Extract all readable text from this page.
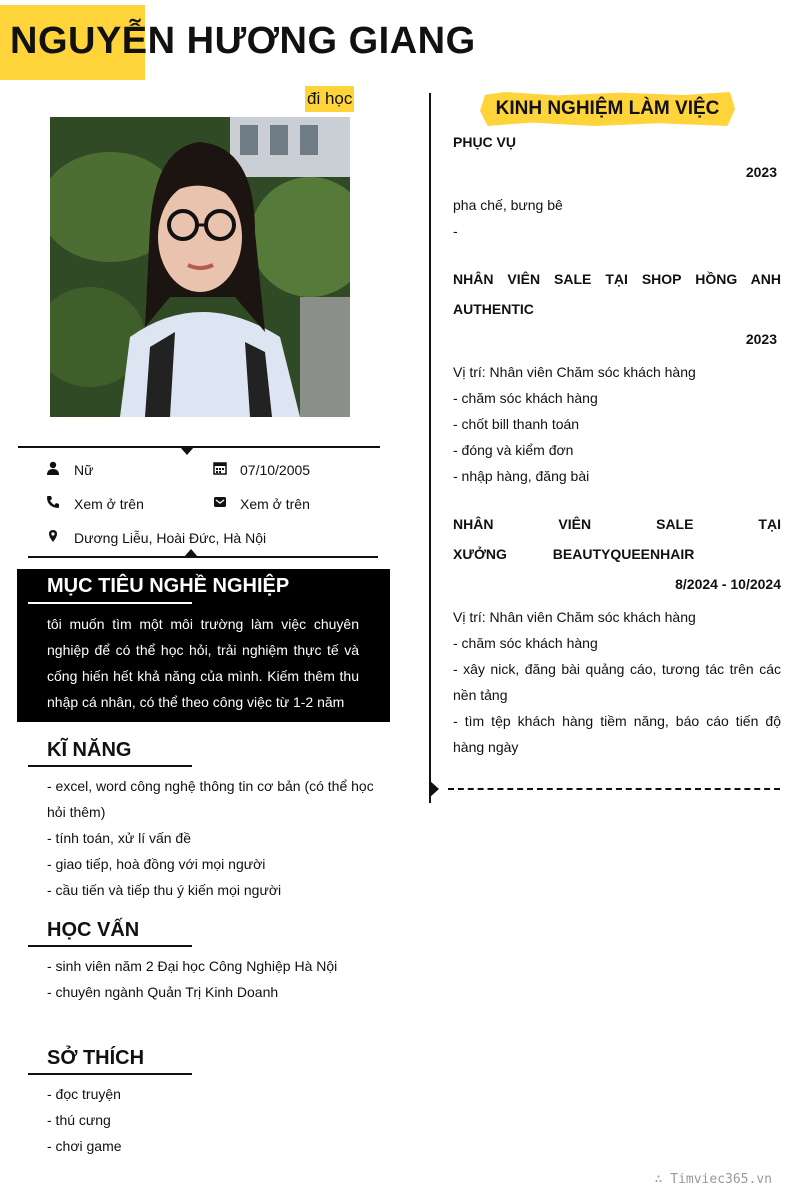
NGUYỄN HƯƠNG GIANG
đi học
Nữ	07/10/2005
Xem ở trên	Xem ở trên
Dương Liễu, Hoài Đức, Hà Nội
MỤC TIÊU NGHỀ NGHIỆP

tôi muốn tìm một môi trường làm việc chuyên nghiệp để có thể học hỏi, trải nghiệm thực tế và cống hiến hết khả năng của mình. Kiếm thêm thu nhập cá nhân, có thể theo công việc từ 1-2 năm

KĨ NĂNG
- excel, word công nghệ thông tin cơ bản (có thể học hỏi thêm)
- tính toán, xử lí vấn đề
- giao tiếp, hoà đồng với mọi người
- cầu tiến và tiếp thu ý kiến mọi người
HỌC VẤN
- sinh viên năm 2 Đại học Công Nghiệp Hà Nội
- chuyên ngành Quản Trị Kinh Doanh
SỞ THÍCH
- đọc truyện
- thú cưng
- chơi game
KINH NGHIỆM LÀM VIỆC
PHỤC VỤ
2023
pha chế, bưng bê
-
NHÂN VIÊN SALE TẠI SHOP HỒNG ANH AUTHENTIC
2023
Vị trí: Nhân viên Chăm sóc khách hàng
- chăm sóc khách hàng
- chốt bill thanh toán
- đóng và kiểm đơn
- nhập hàng, đăng bài
NHÂN VIÊN SALE TẠI XƯỞNG BEAUTYQUEENHAIR
8/2024 - 10/2024
Vị trí: Nhân viên Chăm sóc khách hàng
- chăm sóc khách hàng
- xây nick, đăng bài quảng cáo, tương tác trên các nền tảng
- tìm tệp khách hàng tiềm năng, báo cáo tiến độ hàng ngày
∴ Timviec365.vn
